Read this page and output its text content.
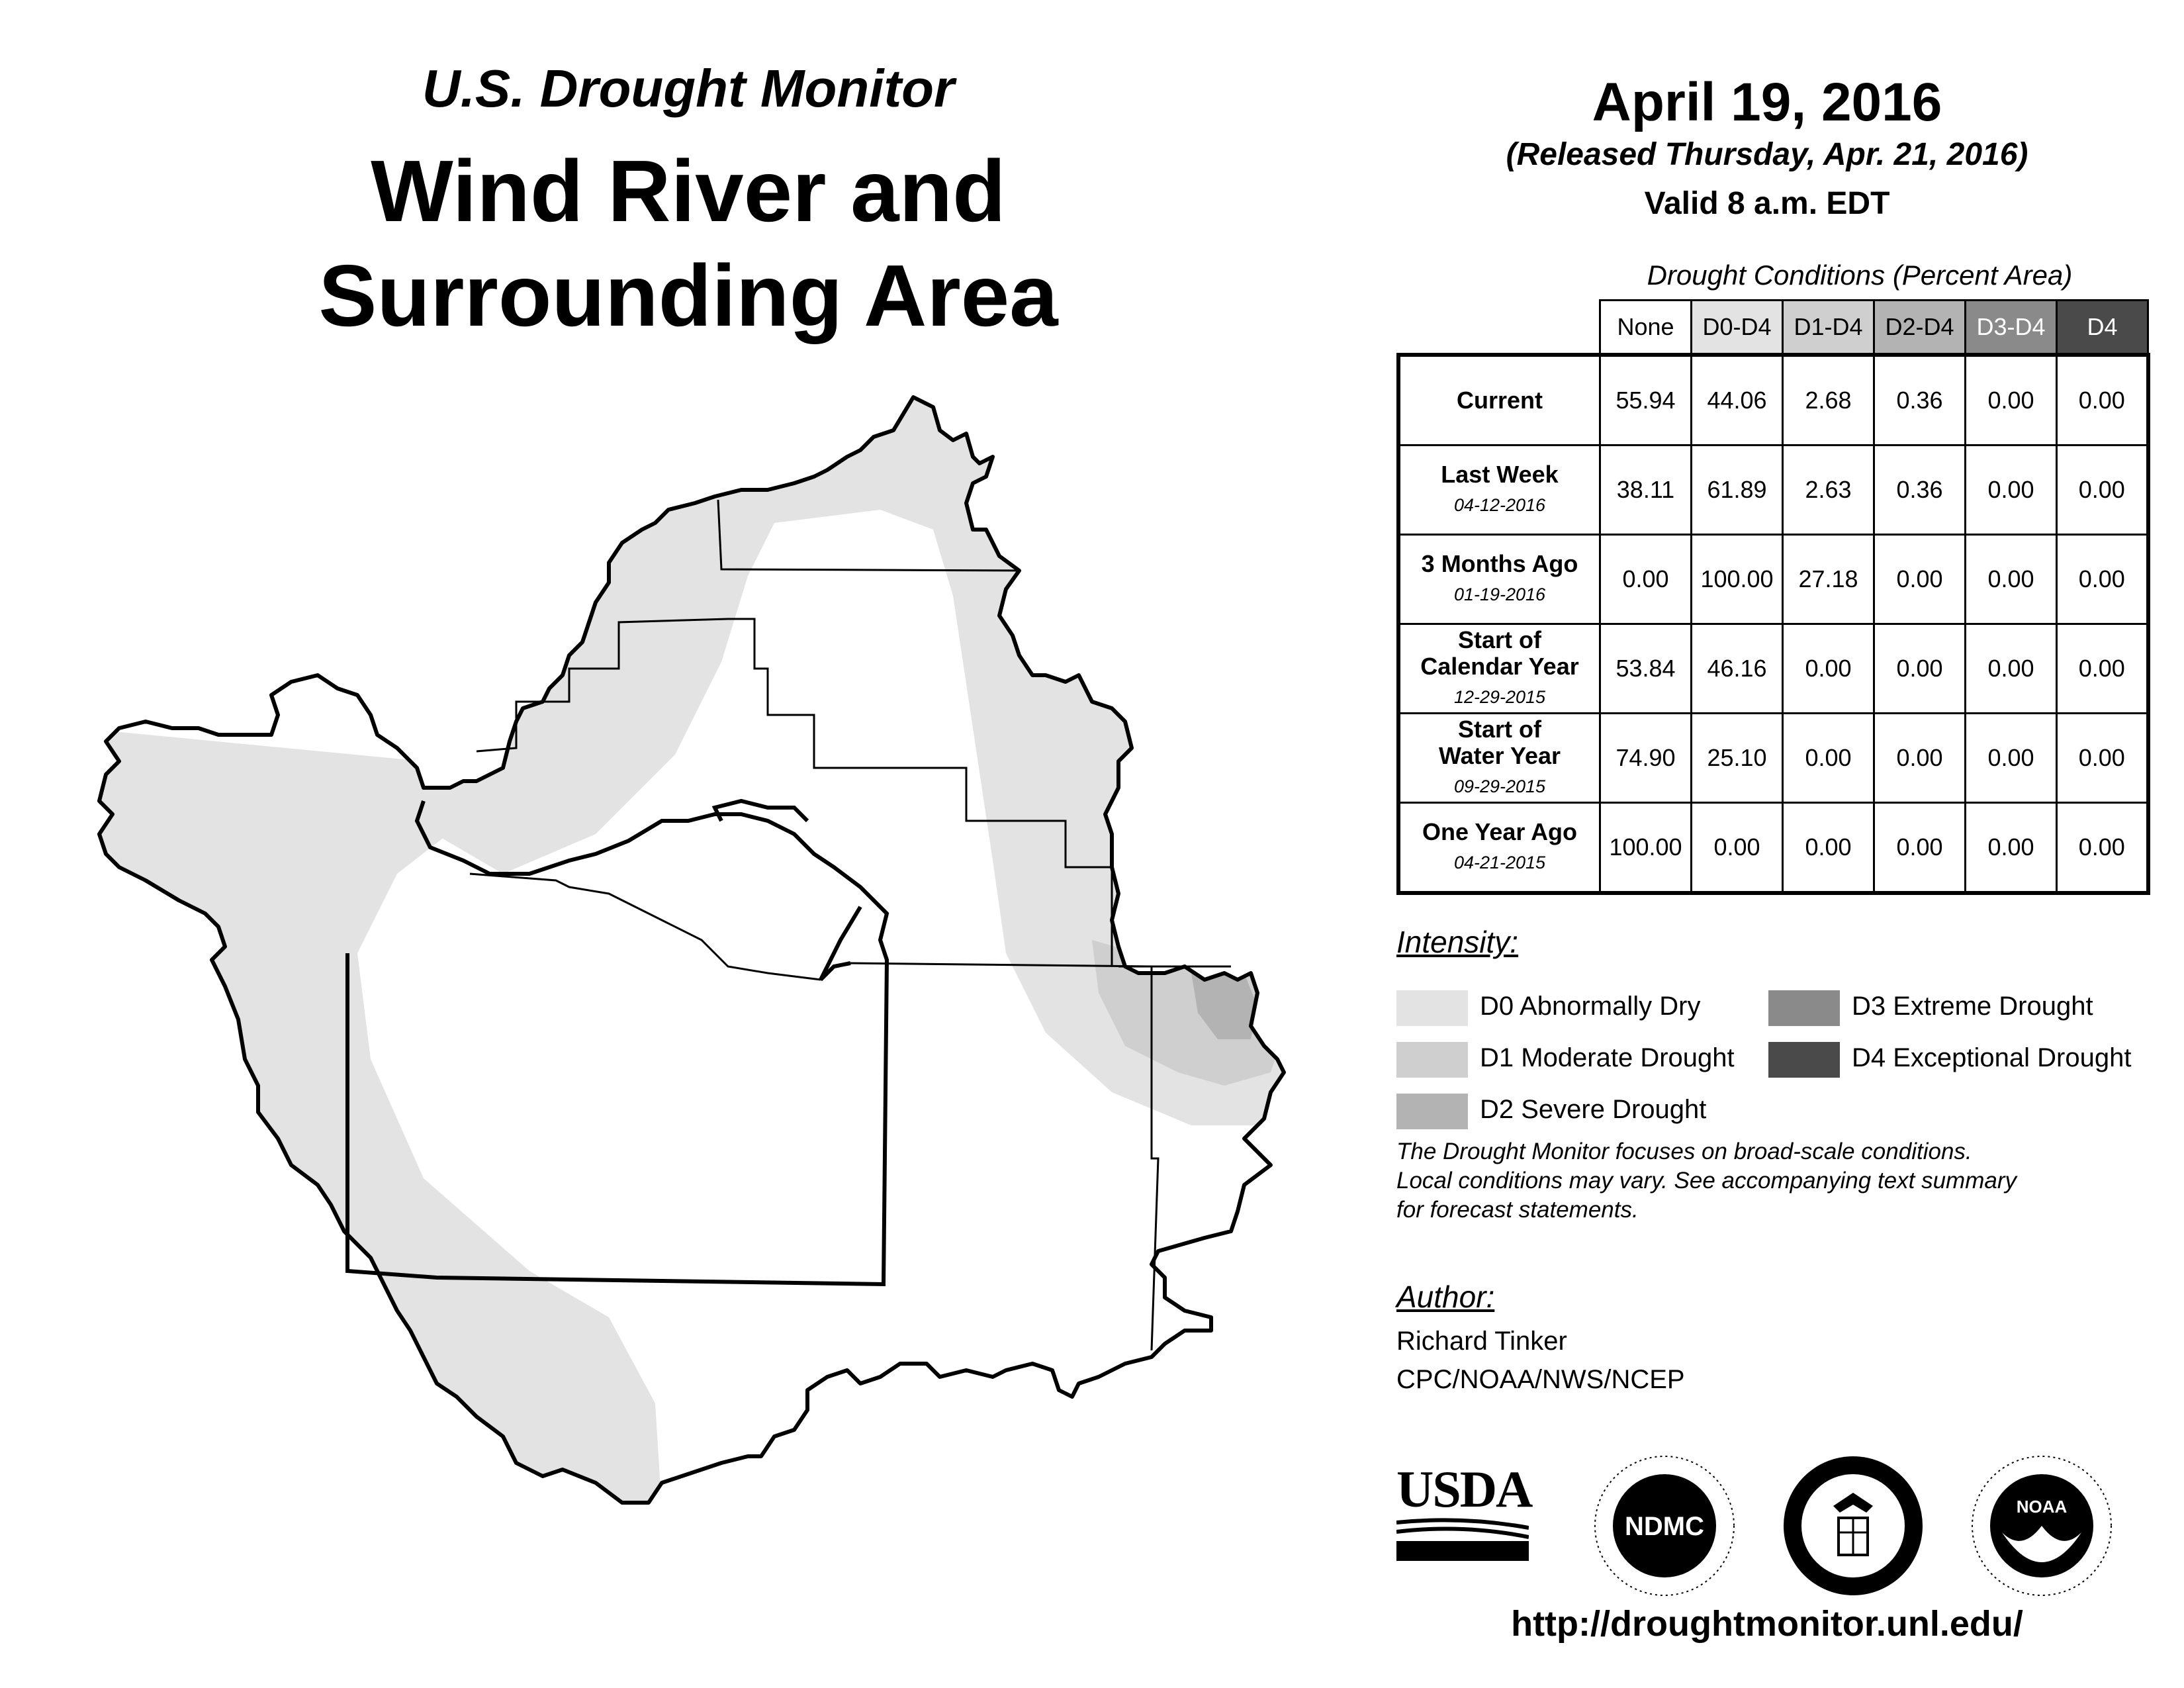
U.S. Drought Monitor
Wind River and
Surrounding Area
April 19, 2016
(Released Thursday, Apr. 21, 2016)
Valid 8 a.m. EDT
Drought Conditions (Percent Area)
	None	D0-D4	D1-D4	D2-D4	D3-D4	D4

Current	55.94	44.06	2.68	0.36	0.00	0.00

Last Week
04-12-2016	38.11	61.89	2.63	0.36	0.00	0.00

3 Months Ago
01-19-2016	0.00	100.00	27.18	0.00	0.00	0.00

Start of
Calendar Year
12-29-2015	53.84	46.16	0.00	0.00	0.00	0.00

Start of
Water Year
09-29-2015	74.90	25.10	0.00	0.00	0.00	0.00

One Year Ago
04-21-2015	100.00	0.00	0.00	0.00	0.00	0.00
Intensity:
D0 Abnormally Dry
D1 Moderate Drought
D2 Severe Drought
D3 Extreme Drought
D4 Exceptional Drought
The Drought Monitor focuses on broad-scale conditions.
Local conditions may vary. See accompanying text summary
for forecast statements.
Author:
Richard Tinker
CPC/NOAA/NWS/NCEP
USDA
NDMC
NOAA
http://droughtmonitor.unl.edu/
